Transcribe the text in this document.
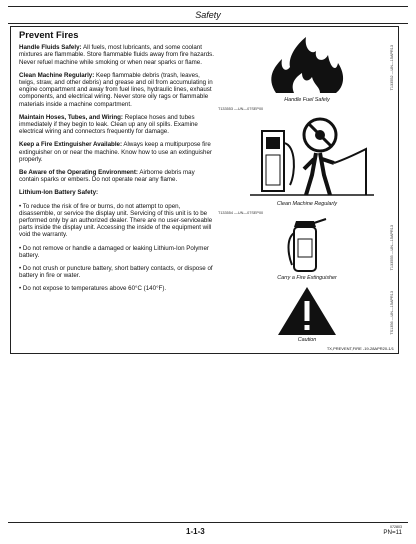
Safety
Prevent Fires

Handle Fluids Safely: All fuels, most lubricants, and some coolant mixtures are flammable. Store flammable fluids away from fire hazards. Never refuel machine while smoking or when near sparks or flame.

Clean Machine Regularly: Keep flammable debris (trash, leaves, twigs, straw, and other debris) and grease and oil from accumulating in engine compartment and away from fuel lines, hydraulic lines, exhaust components, and electrical wiring. Never store oily rags or flammable materials inside a machine compartment.

Maintain Hoses, Tubes, and Wiring: Replace hoses and tubes immediately if they begin to leak. Clean up any oil spills. Examine electrical wiring and connectors frequently for damage.

Keep a Fire Extinguisher Available: Always keep a multipurpose fire extinguisher on or near the machine. Know how to use an extinguisher properly.

Be Aware of the Operating Environment: Airborne debris may contain sparks or embers. Do not operate near any flame.

Lithium-Ion Battery Safety:

• To reduce the risk of fire or burns, do not attempt to open, disassemble, or service the display unit. Servicing of this unit is to be performed only by an authorized dealer. There are no user-serviceable parts inside the display unit. Accessing the inside of the equipment will void the warranty.

• Do not remove or handle a damaged or leaking Lithium-Ion Polymer battery.

• Do not crush or puncture battery, short battery contacts, or dispose of battery in fire or water.

• Do not expose to temperatures above 60°C (140°F).

Handle Fuel Safely
T133552 —UN—15APR13
T133553 —UN—07SEP00
Clean Machine Regularly
T133554 —UN—07SEP00
Carry a Fire Extinguisher
T133555 —UN—15APR13
Caution
TS1356 —UN—15APR13
TX,PREVENT,FIRE -19-28APR20-1/1
1-1-3	072803
PN=11
